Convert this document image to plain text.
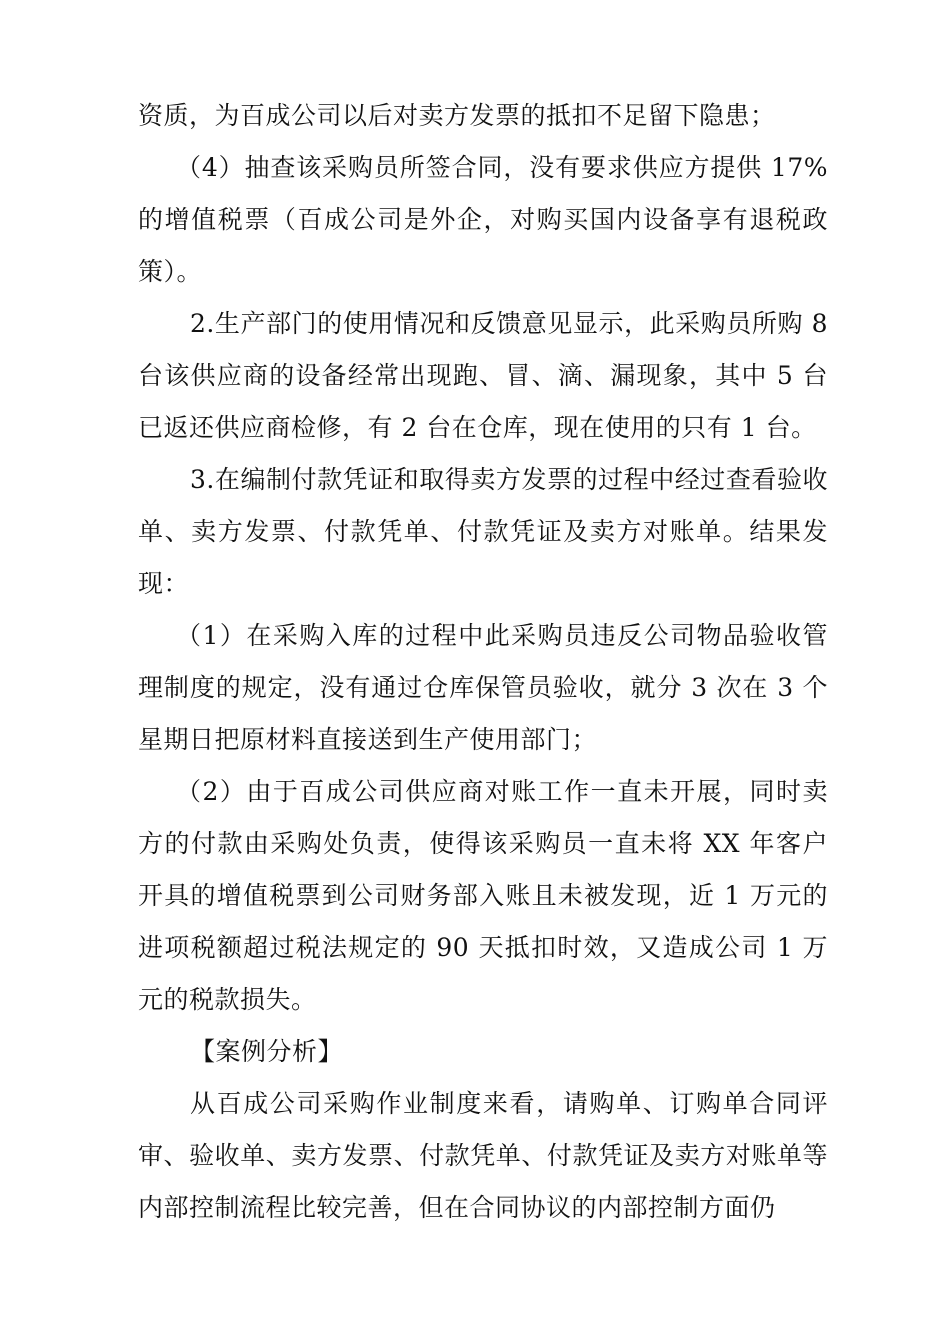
资质，为百成公司以后对卖方发票的抵扣不足留下隐患；

（4）抽查该采购员所签合同，没有要求供应方提供 17%的增值税票（百成公司是外企，对购买国内设备享有退税政策）。

2.生产部门的使用情况和反馈意见显示，此采购员所购 8 台该供应商的设备经常出现跑、冒、滴、漏现象，其中 5 台已返还供应商检修，有 2 台在仓库，现在使用的只有 1 台。

3.在编制付款凭证和取得卖方发票的过程中经过查看验收单、卖方发票、付款凭单、付款凭证及卖方对账单。结果发现：

（1）在采购入库的过程中此采购员违反公司物品验收管理制度的规定，没有通过仓库保管员验收，就分 3 次在 3 个星期日把原材料直接送到生产使用部门；

（2）由于百成公司供应商对账工作一直未开展，同时卖方的付款由采购处负责，使得该采购员一直未将 XX 年客户开具的增值税票到公司财务部入账且未被发现，近 1 万元的进项税额超过税法规定的 90 天抵扣时效，又造成公司 1 万元的税款损失。

【案例分析】

从百成公司采购作业制度来看，请购单、订购单合同评审、验收单、卖方发票、付款凭单、付款凭证及卖方对账单等内部控制流程比较完善，但在合同协议的内部控制方面仍
